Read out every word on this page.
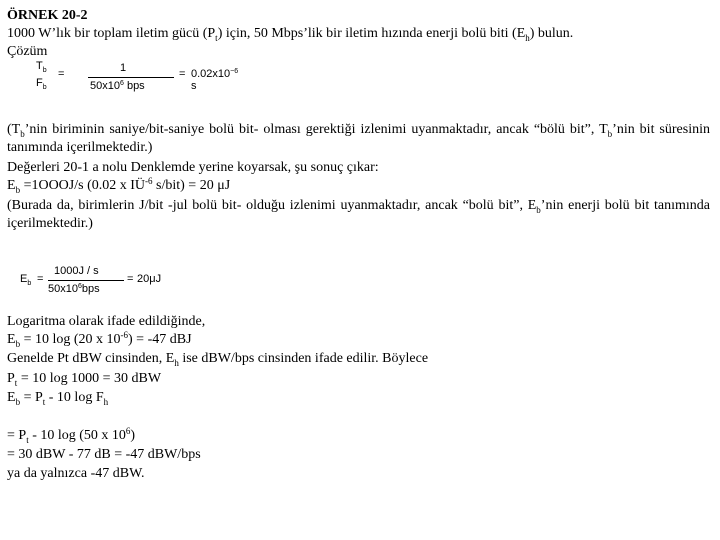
ÖRNEK 20-2
1000 W’lık bir toplam iletim gücü $(P_t)$ için, 50 Mbps’lik bir iletim hızında enerji bolü biti $(E_h)$ bulun.
Çözüm
$T_b$ =
$F_b$
1
$50x10^6$ bps
= $0.02x10^{-6}$ s
($T_b’nin$ biriminin saniye/bit-saniye bolü bit- olması gerektiği izlenimi uyanmaktadır, ancak “bölü bit”, $T_b’nin$ bit süresinin tanımında içerilmektedir.)
Değerleri 20-1 a nolu Denklemde yerine koyarsak, şu sonuç çıkar:
$E_b$ =1OOOJ/s (0.02 x $IÜ^{-6}$ s/bit) = 20 μJ
(Burada da, birimlerin J/bit -jul bolü bit- olduğu izlenimi uyanmaktadır, ancak “bolü bit”, $E_b’nin$ enerji bolü bit tanımında içerilmektedir.)
$E_b$ =
1000J / s
$50x10^6bps$
= 20μJ
Logaritma olarak ifade edildiğinde,
$E_b = 10$ log (20 x $10^{-6}) = -47$ dBJ
Genelde Pt dBW cinsinden, $E_h$ ise dBW/bps cinsinden ifade edilir. Böylece
$P_t = 10$ log 1000 = 30 dBW
$E_b = P_t - 10$ $\log F_h$
= $P_t - 10$ log (50 x $10^6$)
= 30 dBW - 77 dB = -47 dBW/bps
ya da yalnızca -47 dBW.
